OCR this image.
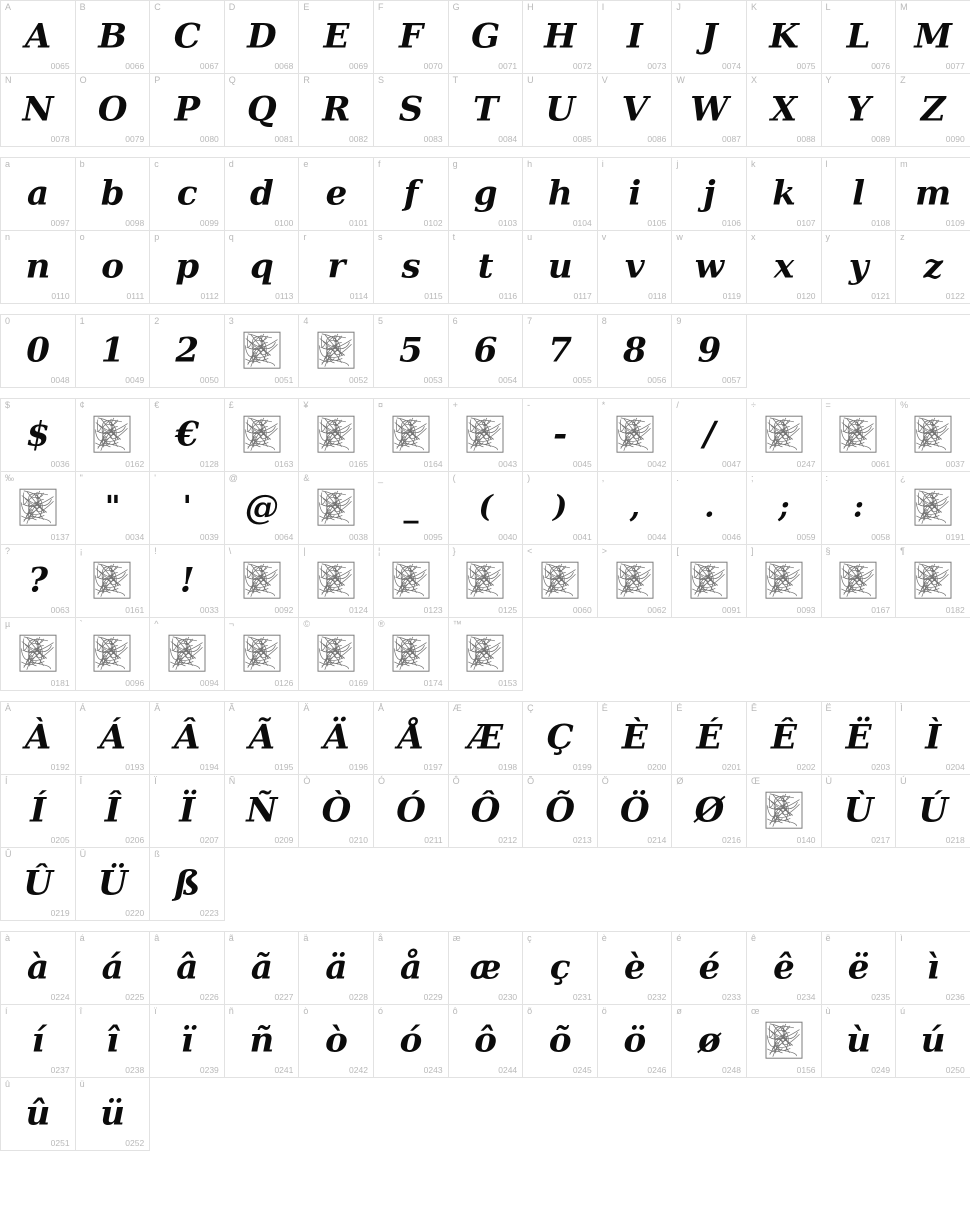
A
A
0065
B
B
0066
C
C
0067
D
D
0068
E
E
0069
F
F
0070
G
G
0071
H
H
0072
I
I
0073
J
J
0074
K
K
0075
L
L
0076
M
M
0077
N
N
0078
O
O
0079
P
P
0080
Q
Q
0081
R
R
0082
S
S
0083
T
T
0084
U
U
0085
V
V
0086
W
W
0087
X
X
0088
Y
Y
0089
Z
Z
0090
a
a
0097
b
b
0098
c
c
0099
d
d
0100
e
e
0101
f
f
0102
g
g
0103
h
h
0104
i
i
0105
j
j
0106
k
k
0107
l
l
0108
m
m
0109
n
n
0110
o
o
0111
p
p
0112
q
q
0113
r
r
0114
s
s
0115
t
t
0116
u
u
0117
v
v
0118
w
w
0119
x
x
0120
y
y
0121
z
z
0122
0
0
0048
1
1
0049
2
2
0050
3
0051
4
0052
5
5
0053
6
6
0054
7
7
0055
8
8
0056
9
9
0057
$
$
0036
¢
0162
€
€
0128
£
0163
¥
0165
¤
0164
+
0043
-
-
0045
*
0042
/
/
0047
÷
0247
=
0061
%
0037
‰
0137
"
"
0034
'
'
0039
@
@
0064
&
0038
_
_
0095
(
(
0040
)
)
0041
,
,
0044
.
.
0046
;
;
0059
:
:
0058
¿
0191
?
?
0063
¡
0161
!
!
0033
\
0092
|
0124
¦
0123
}
0125
<
0060
>
0062
[
0091
]
0093
§
0167
¶
0182
µ
0181
`
0096
^
0094
¬
0126
©
0169
®
0174
™
0153
À
À
0192
Á
Á
0193
Â
Â
0194
Ã
Ã
0195
Ä
Ä
0196
Å
Å
0197
Æ
Æ
0198
Ç
Ç
0199
È
È
0200
É
É
0201
Ê
Ê
0202
Ë
Ë
0203
Ì
Ì
0204
Í
Í
0205
Î
Î
0206
Ï
Ï
0207
Ñ
Ñ
0209
Ò
Ò
0210
Ó
Ó
0211
Ô
Ô
0212
Õ
Õ
0213
Ö
Ö
0214
Ø
Ø
0216
Œ
0140
Ù
Ù
0217
Ú
Ú
0218
Û
Û
0219
Ü
Ü
0220
ß
ß
0223
à
à
0224
á
á
0225
â
â
0226
ã
ã
0227
ä
ä
0228
å
å
0229
æ
æ
0230
ç
ç
0231
è
è
0232
é
é
0233
ê
ê
0234
ë
ë
0235
ì
ì
0236
í
í
0237
î
î
0238
ï
ï
0239
ñ
ñ
0241
ò
ò
0242
ó
ó
0243
ô
ô
0244
õ
õ
0245
ö
ö
0246
ø
ø
0248
œ
0156
ù
ù
0249
ú
ú
0250
û
û
0251
ü
ü
0252
